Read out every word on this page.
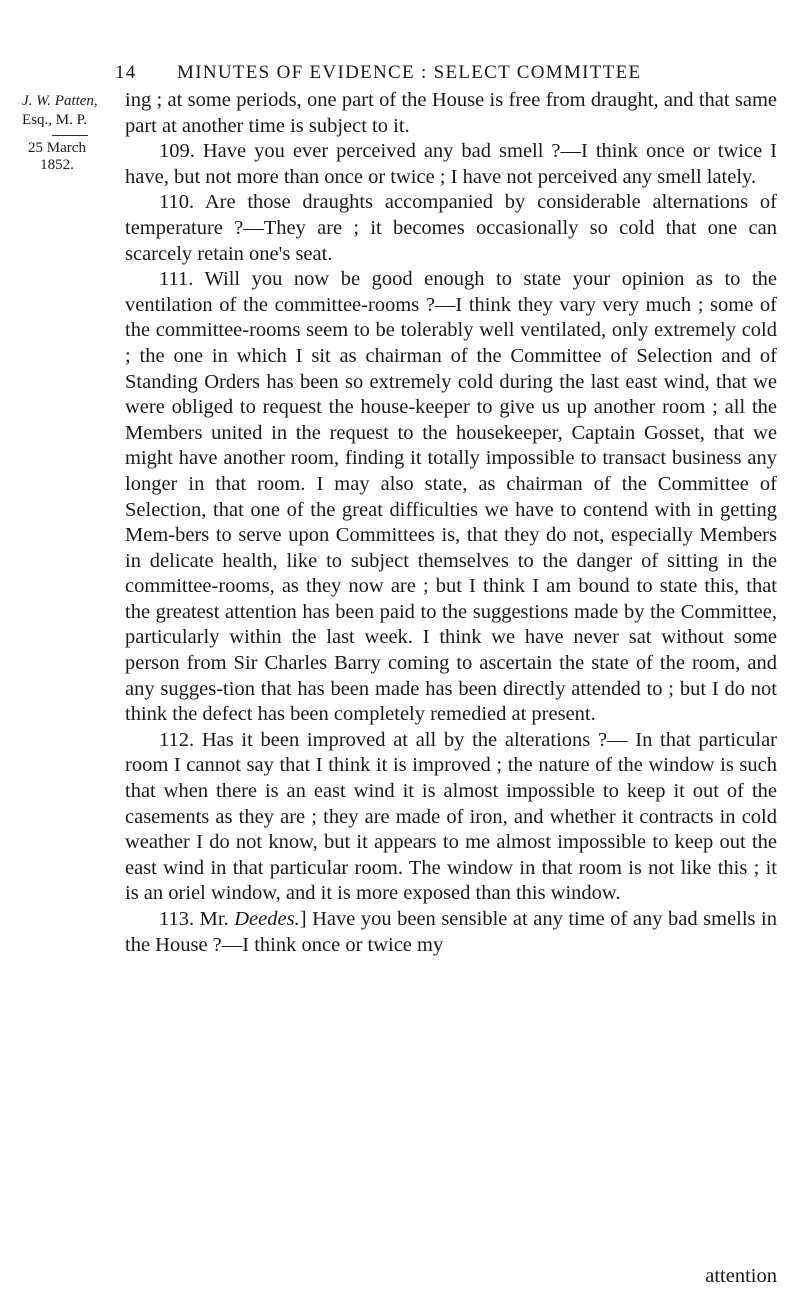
14 MINUTES OF EVIDENCE : SELECT COMMITTEE
J. W. Patten,
Esq., M. P.
25 March
1852.

ing ; at some periods, one part of the House is free from draught, and that same part at another time is subject to it.

109. Have you ever perceived any bad smell ?—I think once or twice I have, but not more than once or twice ; I have not perceived any smell lately.

110. Are those draughts accompanied by considerable alternations of temperature ?—They are ; it becomes occasionally so cold that one can scarcely retain one's seat.

111. Will you now be good enough to state your opinion as to the ventilation of the committee-rooms ?—I think they vary very much ; some of the committee-rooms seem to be tolerably well ventilated, only extremely cold ; the one in which I sit as chairman of the Committee of Selection and of Standing Orders has been so extremely cold during the last east wind, that we were obliged to request the house-keeper to give us up another room ; all the Members united in the request to the housekeeper, Captain Gosset, that we might have another room, finding it totally impossible to transact business any longer in that room. I may also state, as chairman of the Committee of Selection, that one of the great difficulties we have to contend with in getting Mem-bers to serve upon Committees is, that they do not, especially Members in delicate health, like to subject themselves to the danger of sitting in the committee-rooms, as they now are ; but I think I am bound to state this, that the greatest attention has been paid to the suggestions made by the Committee, particularly within the last week. I think we have never sat without some person from Sir Charles Barry coming to ascertain the state of the room, and any sugges-tion that has been made has been directly attended to ; but I do not think the defect has been completely remedied at present.

112. Has it been improved at all by the alterations ?— In that particular room I cannot say that I think it is improved ; the nature of the window is such that when there is an east wind it is almost impossible to keep it out of the casements as they are ; they are made of iron, and whether it contracts in cold weather I do not know, but it appears to me almost impossible to keep out the east wind in that particular room. The window in that room is not like this ; it is an oriel window, and it is more exposed than this window.

113. Mr. Deedes.] Have you been sensible at any time of any bad smells in the House ?—I think once or twice my

attention
